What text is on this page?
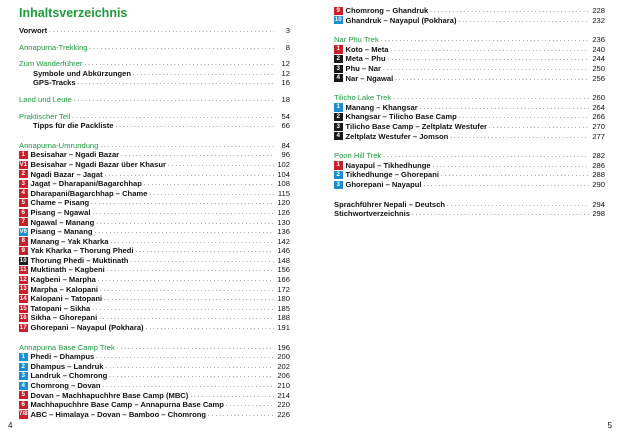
Inhaltsverzeichnis
Vorwort . . .	3
Annapurna-Trekking . . .	8
Zum Wanderführer . . .	12
Symbole und Abkürzungen . . .	12
GPS-Tracks . . .	16
Land und Leute . . .	18
Praktischer Teil . . .	54
Tipps für die Packliste . . .	66
Annapurna-Umrundung . . .	84
1 Besisahar – Ngadi Bazar . . .	96
V1 Besisahar – Ngadi Bazar über Khasur . . .	102
2 Ngadi Bazar – Jagat . . .	104
3 Jagat – Dharapani/Bagarchhap . . .	108
4 Dharapani/Bagarchhap – Chame . . .	115
5 Chame – Pisang . . .	120
6 Pisang – Ngawal . . .	126
7 Ngawal – Manang . . .	130
V6 Pisang – Manang . . .	136
8 Manang – Yak Kharka . . .	142
9 Yak Kharka – Thorung Phedi . . .	146
10 Thorung Phedi – Muktinath . . .	148
11 Muktinath – Kagbeni . . .	156
12 Kagbeni – Marpha . . .	166
13 Marpha – Kalopani . . .	172
14 Kalopani – Tatopani . . .	180
15 Tatopani – Sikha . . .	185
16 Sikha – Ghorepani . . .	188
17 Ghorepani – Nayapul (Pokhara) . . .	191
Annapurna Base Camp Trek . . .	196
1 Phedi – Dhampus . . .	200
2 Dhampus – Landruk . . .	202
3 Landruk – Chomrong . . .	206
4 Chomrong – Dovan . . .	210
5 Dovan – Machhapuchhre Base Camp (MBC) . . .	214
6 Machhapuchhre Base Camp – Annapurna Base Camp . . .	220
7/8 ABC – Himalaya – Dovan – Bamboo – Chomrong . . .	226
4
9 Chomrong – Ghandruk . . .	228
10 Ghandruk – Nayapul (Pokhara) . . .	232
Nar Phu Trek . . .	236
1 Koto – Meta . . .	240
2 Meta – Phu . . .	244
3 Phu – Nar . . .	250
4 Nar – Ngawal . . .	256
Tilicho Lake Trek . . .	260
1 Manang – Khangsar . . .	264
2 Khangsar – Tilicho Base Camp . . .	266
3 Tilicho Base Camp – Zeltplatz Westufer . . .	270
4 Zeltplatz Westufer – Jomson . . .	277
Poon Hill Trek . . .	282
1 Nayapul – Tikhedhunge . . .	286
2 Tikhedhunge – Ghorepani . . .	288
3 Ghorepani – Nayapul . . .	290
Sprachführer Nepali – Deutsch . . .	294
Stichwortverzeichnis . . .	298
5
